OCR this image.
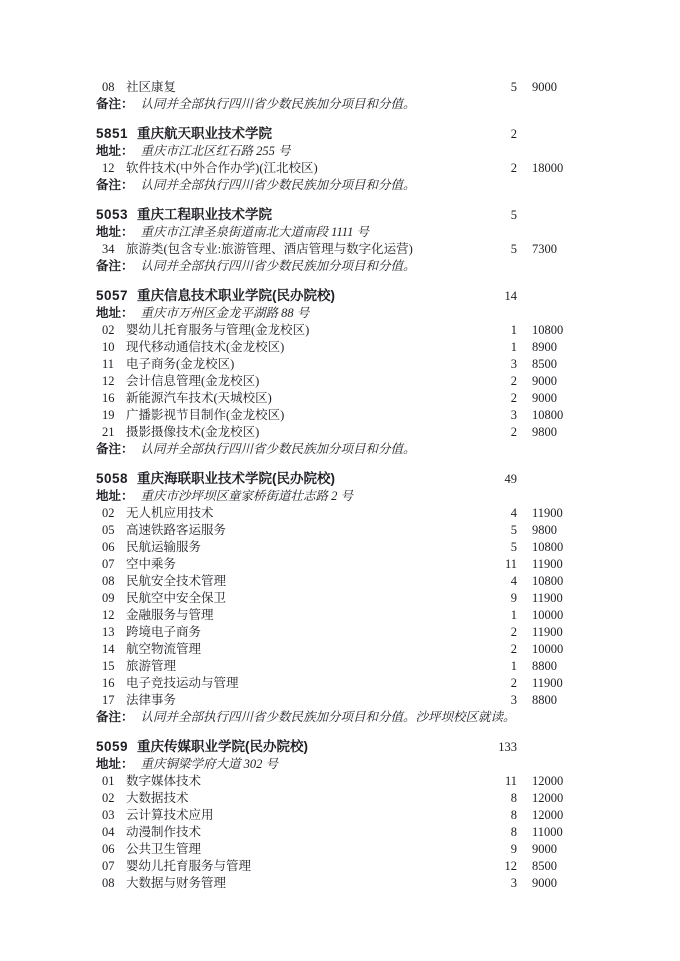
08 社区康复	5	9000
备注： 认同并全部执行四川省少数民族加分项目和分值。
5851 重庆航天职业技术学院	2
地址： 重庆市江北区红石路 255 号
12 软件技术(中外合作办学)(江北校区)	2	18000
备注： 认同并全部执行四川省少数民族加分项目和分值。
5053 重庆工程职业技术学院	5
地址： 重庆市江津圣泉街道南北大道南段 1111 号
34 旅游类(包含专业:旅游管理、酒店管理与数字化运营)	5	7300
备注： 认同并全部执行四川省少数民族加分项目和分值。
5057 重庆信息技术职业学院(民办院校)	14
地址： 重庆市万州区金龙平湖路 88 号
02 婴幼儿托育服务与管理(金龙校区)	1	10800
10 现代移动通信技术(金龙校区)	1	8900
11 电子商务(金龙校区)	3	8500
12 会计信息管理(金龙校区)	2	9000
16 新能源汽车技术(天城校区)	2	9000
19 广播影视节目制作(金龙校区)	3	10800
21 摄影摄像技术(金龙校区)	2	9800
备注： 认同并全部执行四川省少数民族加分项目和分值。
5058 重庆海联职业技术学院(民办院校)	49
地址： 重庆市沙坪坝区童家桥街道壮志路 2 号
02 无人机应用技术	4	11900
05 高速铁路客运服务	5	9800
06 民航运输服务	5	10800
07 空中乘务	11	11900
08 民航安全技术管理	4	10800
09 民航空中安全保卫	9	11900
12 金融服务与管理	1	10000
13 跨境电子商务	2	11900
14 航空物流管理	2	10000
15 旅游管理	1	8800
16 电子竞技运动与管理	2	11900
17 法律事务	3	8800
备注： 认同并全部执行四川省少数民族加分项目和分值。沙坪坝校区就读。
5059 重庆传媒职业学院(民办院校)	133
地址： 重庆铜梁学府大道 302 号
01 数字媒体技术	11	12000
02 大数据技术	8	12000
03 云计算技术应用	8	12000
04 动漫制作技术	8	11000
06 公共卫生管理	9	9000
07 婴幼儿托育服务与管理	12	8500
08 大数据与财务管理	3	9000
